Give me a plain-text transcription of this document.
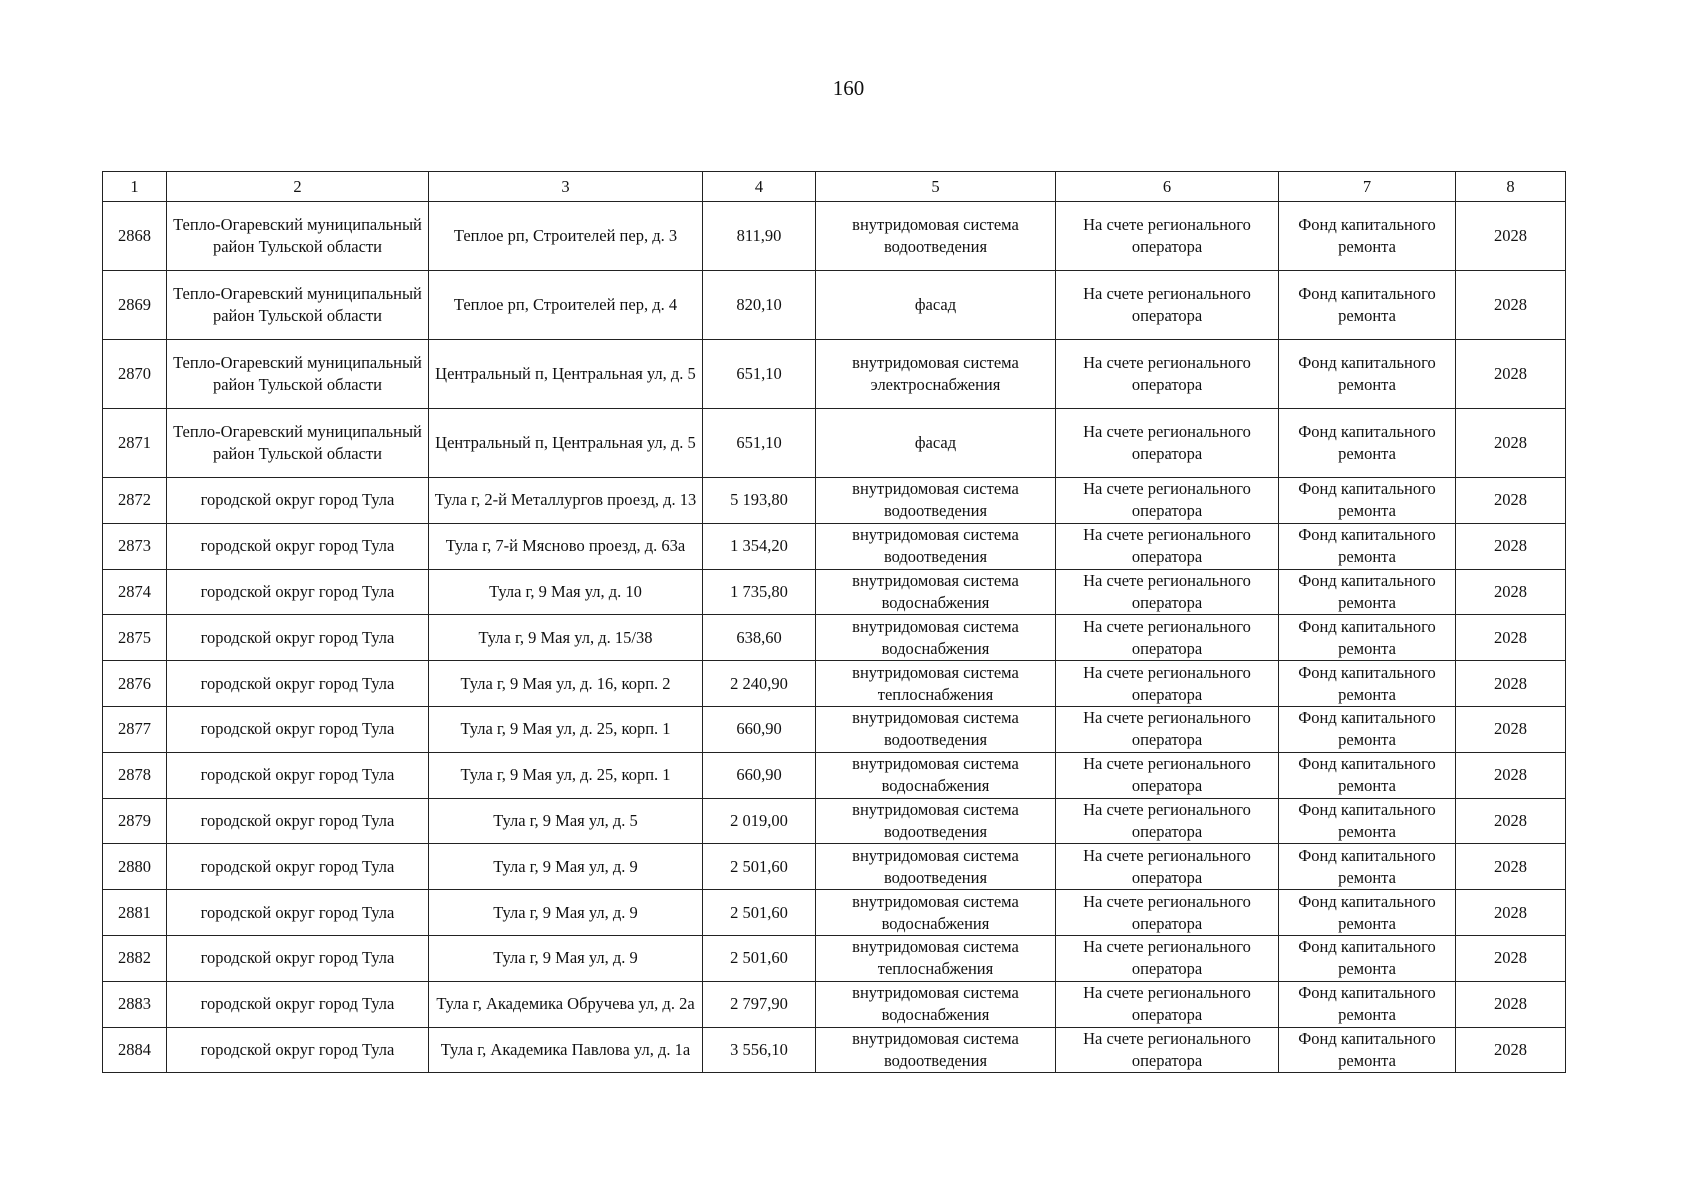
160
1	2	3	4	5	6	7	8
2868	Тепло-Огаревский муниципальный район Тульской области	Теплое рп, Строителей пер, д. 3	811,90	внутридомовая система водоотведения	На счете регионального оператора	Фонд капитального ремонта	2028
2869	Тепло-Огаревский муниципальный район Тульской области	Теплое рп, Строителей пер, д. 4	820,10	фасад	На счете регионального оператора	Фонд капитального ремонта	2028
2870	Тепло-Огаревский муниципальный район Тульской области	Центральный п, Центральная ул, д. 5	651,10	внутридомовая система электроснабжения	На счете регионального оператора	Фонд капитального ремонта	2028
2871	Тепло-Огаревский муниципальный район Тульской области	Центральный п, Центральная ул, д. 5	651,10	фасад	На счете регионального оператора	Фонд капитального ремонта	2028
2872	городской округ город Тула	Тула г, 2-й Металлургов проезд, д. 13	5 193,80	внутридомовая система водоотведения	На счете регионального оператора	Фонд капитального ремонта	2028
2873	городской округ город Тула	Тула г, 7-й Мясново проезд, д. 63а	1 354,20	внутридомовая система водоотведения	На счете регионального оператора	Фонд капитального ремонта	2028
2874	городской округ город Тула	Тула г, 9 Мая ул, д. 10	1 735,80	внутридомовая система водоснабжения	На счете регионального оператора	Фонд капитального ремонта	2028
2875	городской округ город Тула	Тула г, 9 Мая ул, д. 15/38	638,60	внутридомовая система водоснабжения	На счете регионального оператора	Фонд капитального ремонта	2028
2876	городской округ город Тула	Тула г, 9 Мая ул, д. 16, корп. 2	2 240,90	внутридомовая система теплоснабжения	На счете регионального оператора	Фонд капитального ремонта	2028
2877	городской округ город Тула	Тула г, 9 Мая ул, д. 25, корп. 1	660,90	внутридомовая система водоотведения	На счете регионального оператора	Фонд капитального ремонта	2028
2878	городской округ город Тула	Тула г, 9 Мая ул, д. 25, корп. 1	660,90	внутридомовая система водоснабжения	На счете регионального оператора	Фонд капитального ремонта	2028
2879	городской округ город Тула	Тула г, 9 Мая ул, д. 5	2 019,00	внутридомовая система водоотведения	На счете регионального оператора	Фонд капитального ремонта	2028
2880	городской округ город Тула	Тула г, 9 Мая ул, д. 9	2 501,60	внутридомовая система водоотведения	На счете регионального оператора	Фонд капитального ремонта	2028
2881	городской округ город Тула	Тула г, 9 Мая ул, д. 9	2 501,60	внутридомовая система водоснабжения	На счете регионального оператора	Фонд капитального ремонта	2028
2882	городской округ город Тула	Тула г, 9 Мая ул, д. 9	2 501,60	внутридомовая система теплоснабжения	На счете регионального оператора	Фонд капитального ремонта	2028
2883	городской округ город Тула	Тула г, Академика Обручева ул, д. 2а	2 797,90	внутридомовая система водоснабжения	На счете регионального оператора	Фонд капитального ремонта	2028
2884	городской округ город Тула	Тула г, Академика Павлова ул, д. 1а	3 556,10	внутридомовая система водоотведения	На счете регионального оператора	Фонд капитального ремонта	2028
